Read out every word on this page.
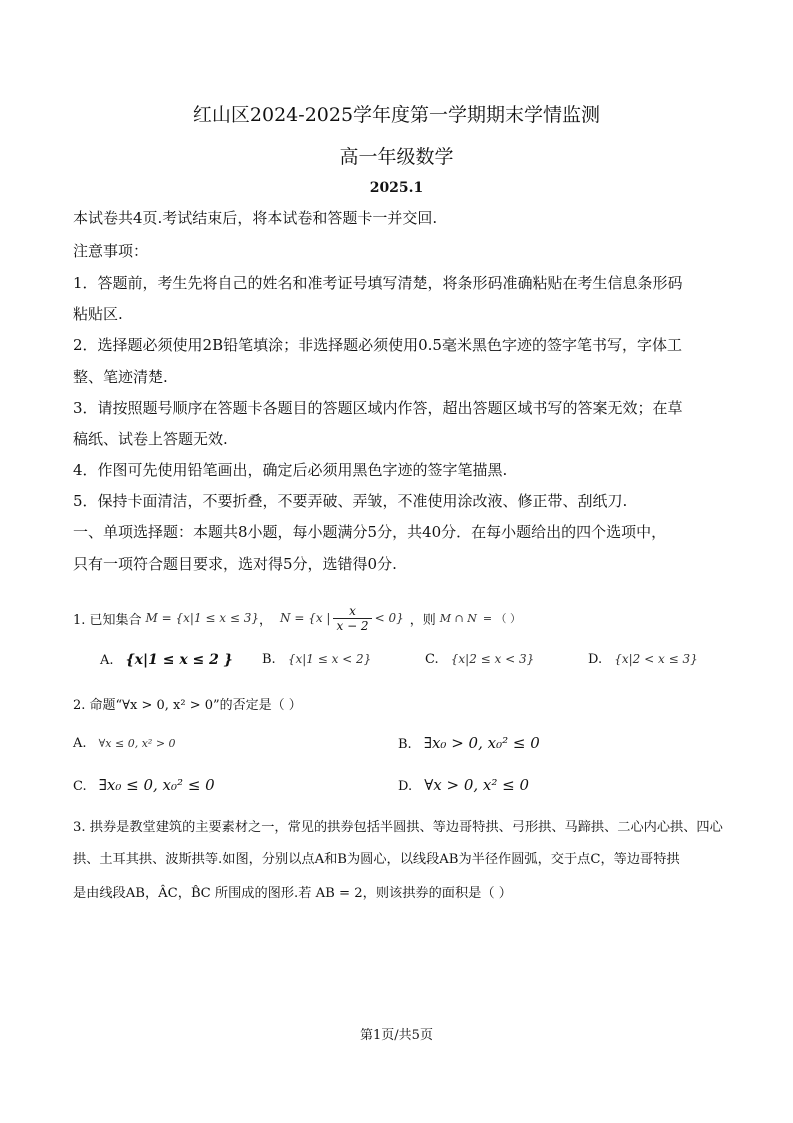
红山区2024-2025学年度第一学期期末学情监测
高一年级数学
2025.1
本试卷共4页.考试结束后，将本试卷和答题卡一并交回.
注意事项：
1．答题前，考生先将自己的姓名和准考证号填写清楚，将条形码准确粘贴在考生信息条形码
粘贴区.
2．选择题必须使用2B铅笔填涂；非选择题必须使用0.5毫米黑色字迹的签字笔书写，字体工
整、笔迹清楚.
3．请按照题号顺序在答题卡各题目的答题区域内作答，超出答题区域书写的答案无效；在草
稿纸、试卷上答题无效.
4．作图可先使用铅笔画出，确定后必须用黑色字迹的签字笔描黑.
5．保持卡面清洁，不要折叠，不要弄破、弄皱，不准使用涂改液、修正带、刮纸刀.
一、单项选择题：本题共8小题，每小题满分5分，共40分．在每小题给出的四个选项中，
只有一项符合题目要求，选对得5分，选错得0分.
1. 已知集合 M = {x|1 ≤ x ≤ 3} ， N = {x | $\frac{x}{x - 2} < 0$} ，则 M ∩ N = （ ）
A. {x|1 ≤ x ≤ 2 } B. {x|1 ≤ x < 2}	C. {x|2 ≤ x < 3}	D. {x|2 < x ≤ 3}
2. 命题“∀x > 0, x² > 0”的否定是（ ）
A. ∀x ≤ 0, x² > 0	B. ∃x₀ > 0, x₀² ≤ 0
C. ∃x₀ ≤ 0, x₀² ≤ 0	D. ∀x > 0, x² ≤ 0
3. 拱券是教堂建筑的主要素材之一，常见的拱券包括半圆拱、等边哥特拱、弓形拱、马蹄拱、二心内心拱、四心
拱、土耳其拱、波斯拱等.如图，分别以点A和B为圆心，以线段AB为半径作圆弧，交于点C，等边哥特拱
是由线段AB，ÂC，B̂C 所围成的图形.若 AB = 2，则该拱券的面积是（ ）
第1页/共5页
